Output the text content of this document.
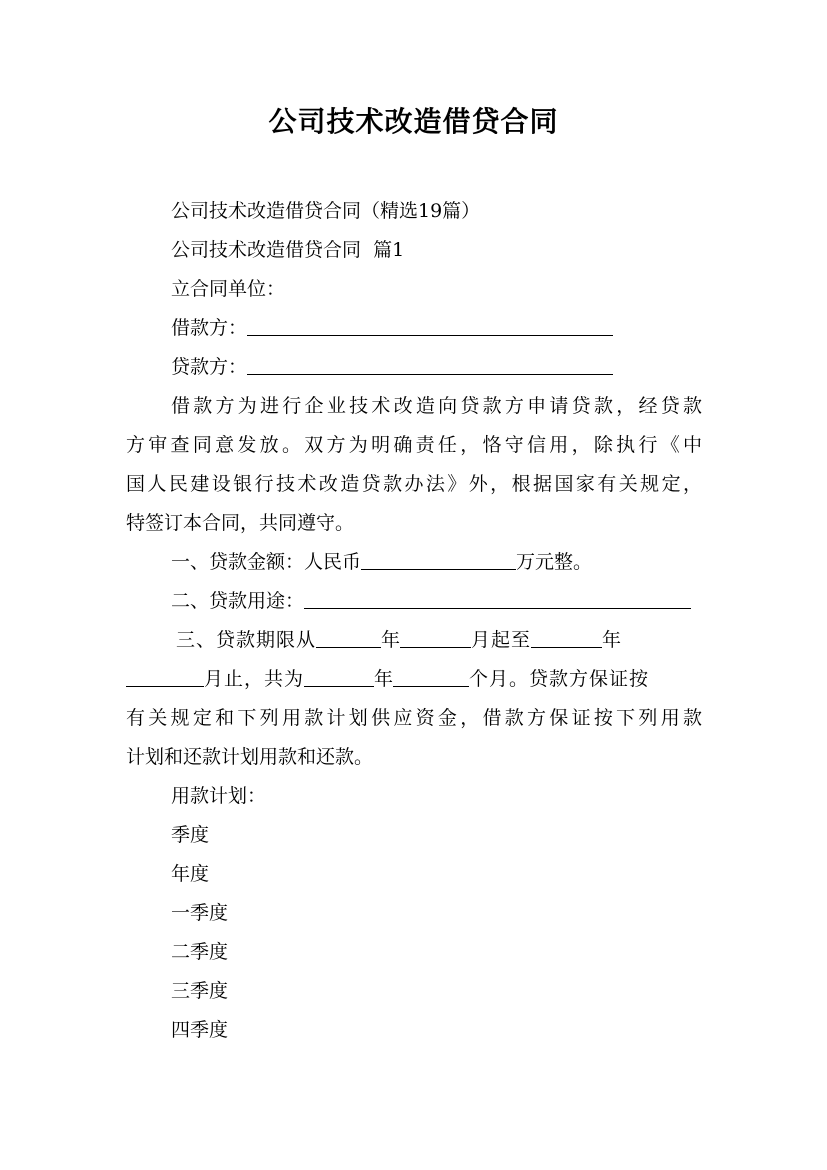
公司技术改造借贷合同
公司技术改造借贷合同（精选19篇）
公司技术改造借贷合同  篇1
立合同单位：
借款方：
贷款方：
借款方为进行企业技术改造向贷款方申请贷款，经贷款
方审查同意发放。双方为明确责任，恪守信用，除执行《中
国人民建设银行技术改造贷款办法》外，根据国家有关规定，
特签订本合同，共同遵守。
一、贷款金额：人民币	万元整。
二、贷款用途：
三、贷款期限从	年	月起至	年
月止，共为	年	个月。贷款方保证按
有关规定和下列用款计划供应资金，借款方保证按下列用款
计划和还款计划用款和还款。
用款计划：
季度
年度
一季度
二季度
三季度
四季度
